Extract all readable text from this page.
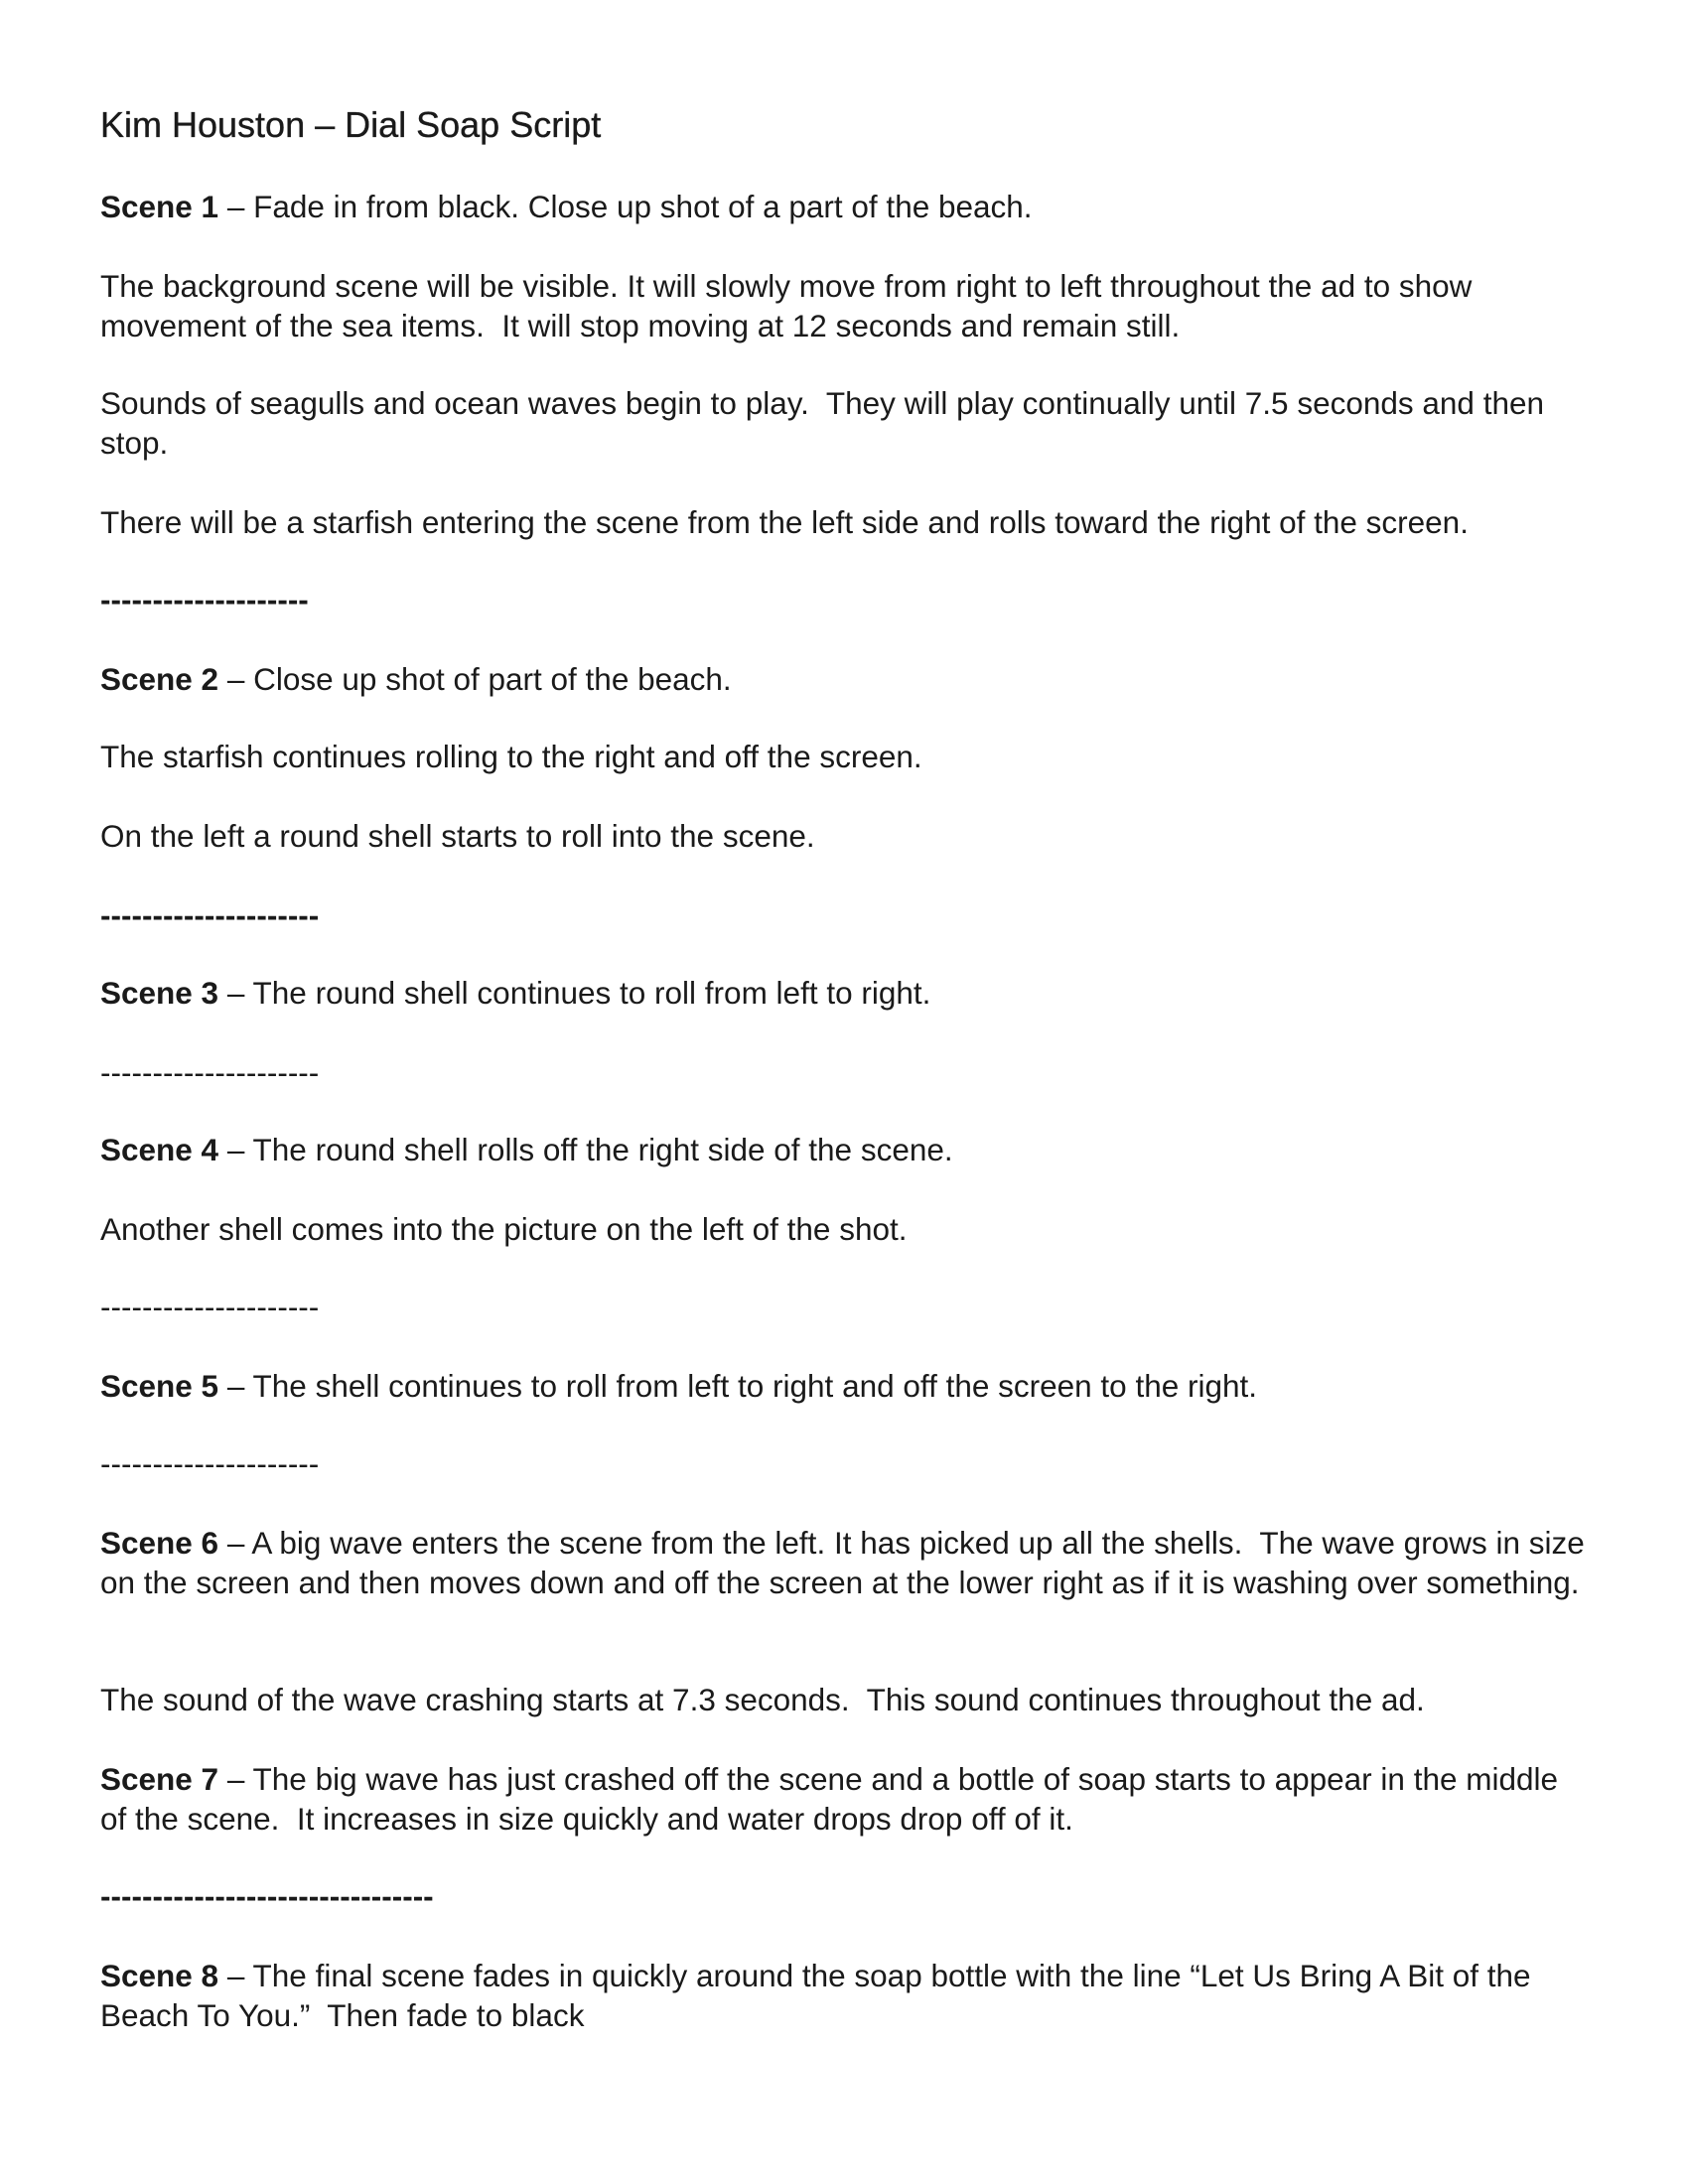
Kim Houston – Dial Soap Script

Scene 1 – Fade in from black. Close up shot of a part of the beach.

The background scene will be visible. It will slowly move from right to left throughout the ad to show movement of the sea items.  It will stop moving at 12 seconds and remain still.

Sounds of seagulls and ocean waves begin to play.  They will play continually until 7.5 seconds and then stop.

There will be a starfish entering the scene from the left side and rolls toward the right of the screen.

--------------------

Scene 2 – Close up shot of part of the beach.

The starfish continues rolling to the right and off the screen.

On the left a round shell starts to roll into the scene.

---------------------

Scene 3 – The round shell continues to roll from left to right.

---------------------

Scene 4 – The round shell rolls off the right side of the scene.

Another shell comes into the picture on the left of the shot.

---------------------

Scene 5 – The shell continues to roll from left to right and off the screen to the right.

---------------------

Scene 6 – A big wave enters the scene from the left. It has picked up all the shells.  The wave grows in size on the screen and then moves down and off the screen at the lower right as if it is washing over something.

The sound of the wave crashing starts at 7.3 seconds.  This sound continues throughout the ad.

Scene 7 – The big wave has just crashed off the scene and a bottle of soap starts to appear in the middle of the scene.  It increases in size quickly and water drops drop off of it.

--------------------------------

Scene 8 – The final scene fades in quickly around the soap bottle with the line “Let Us Bring A Bit of the Beach To You.”  Then fade to black
